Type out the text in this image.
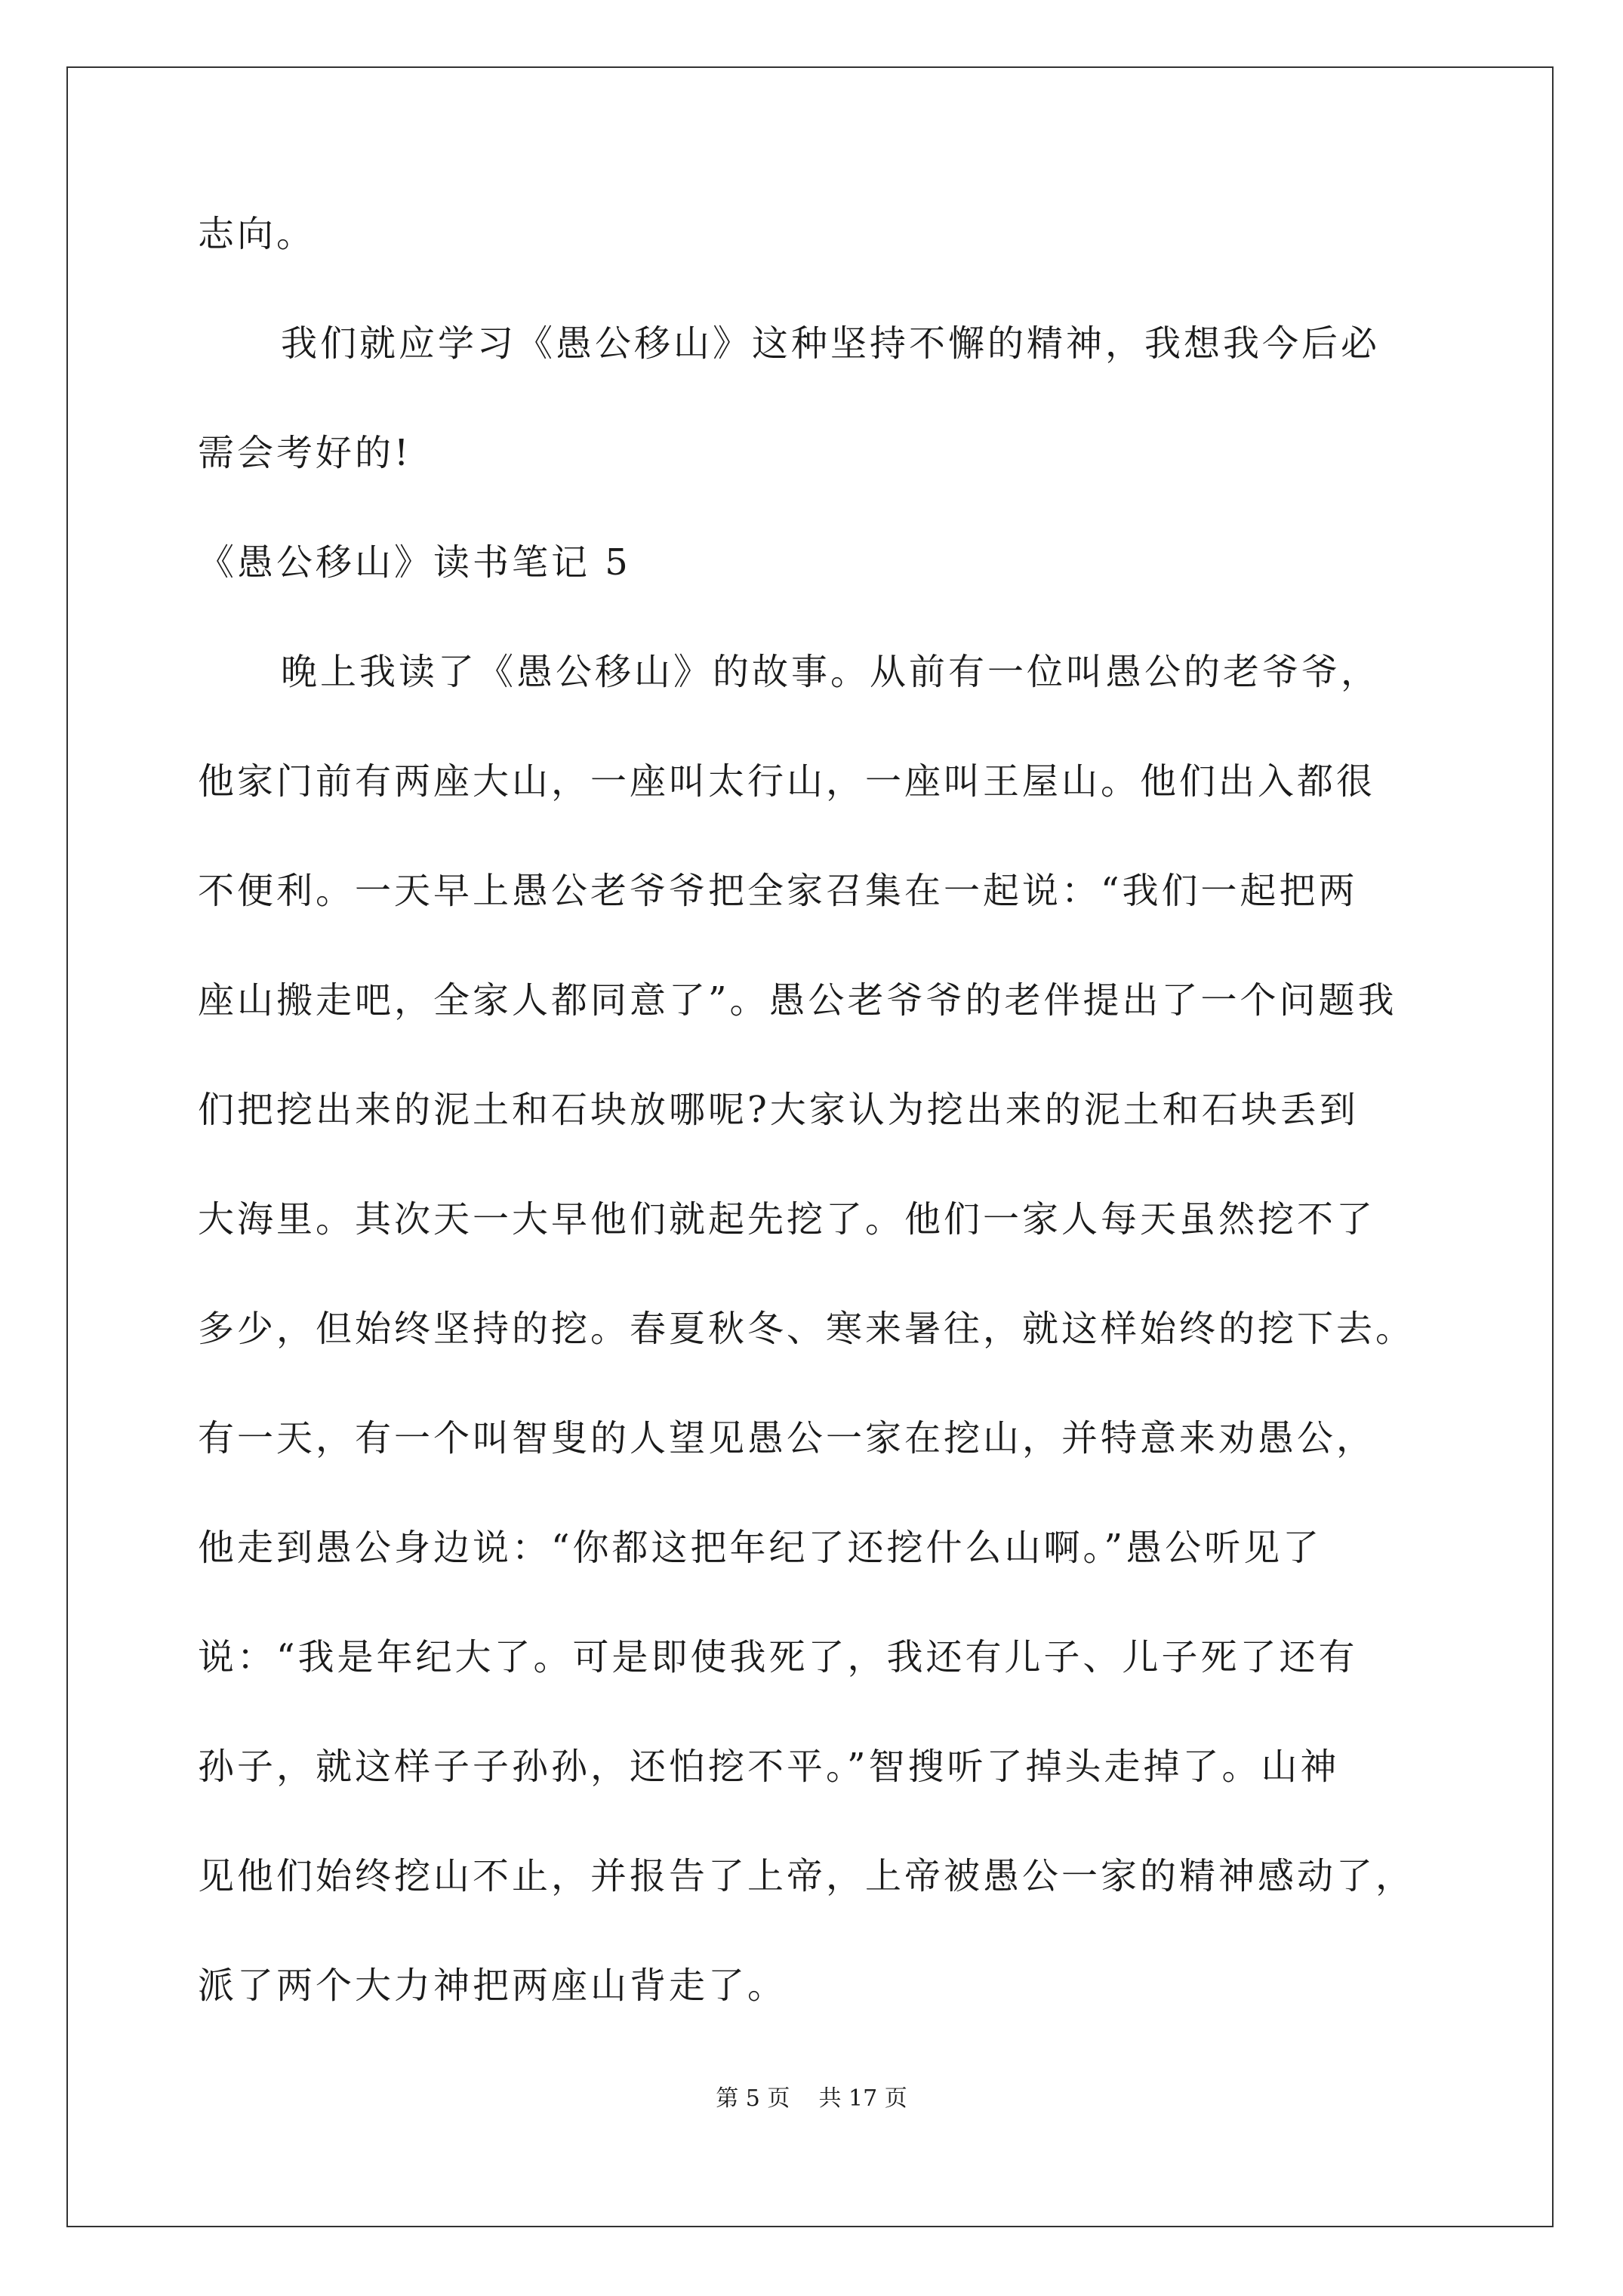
志向。
我们就应学习《愚公移山》这种坚持不懈的精神，我想我今后必
需会考好的!
《愚公移山》读书笔记 5
晚上我读了《愚公移山》的故事。从前有一位叫愚公的老爷爷，
他家门前有两座大山，一座叫太行山，一座叫王屋山。他们出入都很
不便利。一天早上愚公老爷爷把全家召集在一起说：“我们一起把两
座山搬走吧，全家人都同意了”。愚公老爷爷的老伴提出了一个问题我
们把挖出来的泥土和石块放哪呢?大家认为挖出来的泥土和石块丢到
大海里。其次天一大早他们就起先挖了。他们一家人每天虽然挖不了
多少，但始终坚持的挖。春夏秋冬、寒来暑往，就这样始终的挖下去。
有一天，有一个叫智叟的人望见愚公一家在挖山，并特意来劝愚公，
他走到愚公身边说：“你都这把年纪了还挖什么山啊。”愚公听见了
说：“我是年纪大了。可是即使我死了，我还有儿子、儿子死了还有
孙子，就这样子子孙孙，还怕挖不平。”智搜听了掉头走掉了。山神
见他们始终挖山不止，并报告了上帝，上帝被愚公一家的精神感动了，
派了两个大力神把两座山背走了。
第 5 页    共 17 页
